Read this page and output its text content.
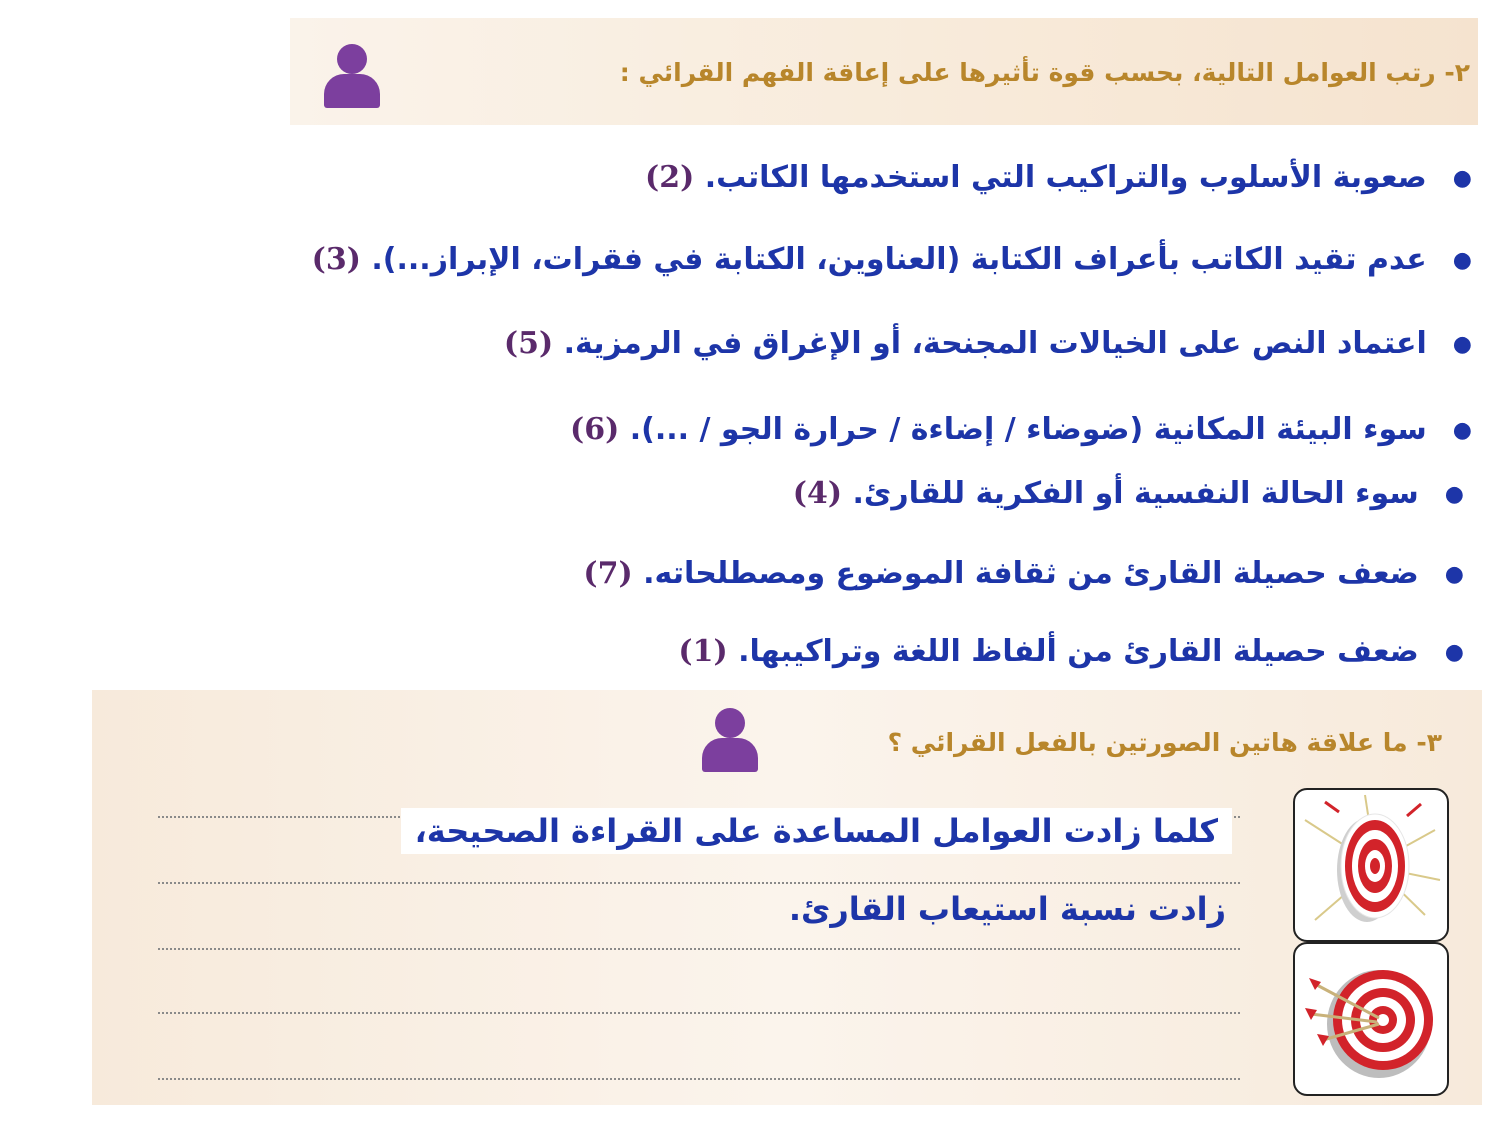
٢- رتب العوامل التالية، بحسب قوة تأثيرها على إعاقة الفهم القرائي :
●صعوبة الأسلوب والتراكيب التي استخدمها الكاتب. (2)
●عدم تقيد الكاتب بأعراف الكتابة (العناوين، الكتابة في فقرات، الإبراز...). (3)
●اعتماد النص على الخيالات المجنحة، أو الإغراق في الرمزية. (5)
●سوء البيئة المكانية (ضوضاء / إضاءة / حرارة الجو / ...). (6)
●سوء الحالة النفسية أو الفكرية للقارئ. (4)
●ضعف حصيلة القارئ من ثقافة الموضوع ومصطلحاته. (7)
●ضعف حصيلة القارئ من ألفاظ اللغة وتراكيبها. (1)
٣- ما علاقة هاتين الصورتين بالفعل القرائي ؟
كلما زادت العوامل المساعدة على القراءة الصحيحة،
زادت نسبة استيعاب القارئ.
